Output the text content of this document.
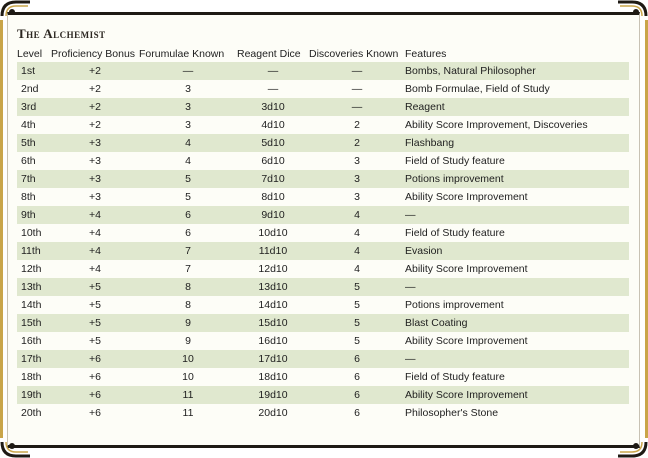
The Alchemist
Level	Proficiency Bonus	Forumulae Known	Reagent Dice	Discoveries Known	Features
1st	+2	—	—	—	Bombs, Natural Philosopher
2nd	+2	3	—	—	Bomb Formulae, Field of Study
3rd	+2	3	3d10	—	Reagent
4th	+2	3	4d10	2	Ability Score Improvement, Discoveries
5th	+3	4	5d10	2	Flashbang
6th	+3	4	6d10	3	Field of Study feature
7th	+3	5	7d10	3	Potions improvement
8th	+3	5	8d10	3	Ability Score Improvement
9th	+4	6	9d10	4	—
10th	+4	6	10d10	4	Field of Study feature
11th	+4	7	11d10	4	Evasion
12th	+4	7	12d10	4	Ability Score Improvement
13th	+5	8	13d10	5	—
14th	+5	8	14d10	5	Potions improvement
15th	+5	9	15d10	5	Blast Coating
16th	+5	9	16d10	5	Ability Score Improvement
17th	+6	10	17d10	6	—
18th	+6	10	18d10	6	Field of Study feature
19th	+6	11	19d10	6	Ability Score Improvement
20th	+6	11	20d10	6	Philosopher's Stone
